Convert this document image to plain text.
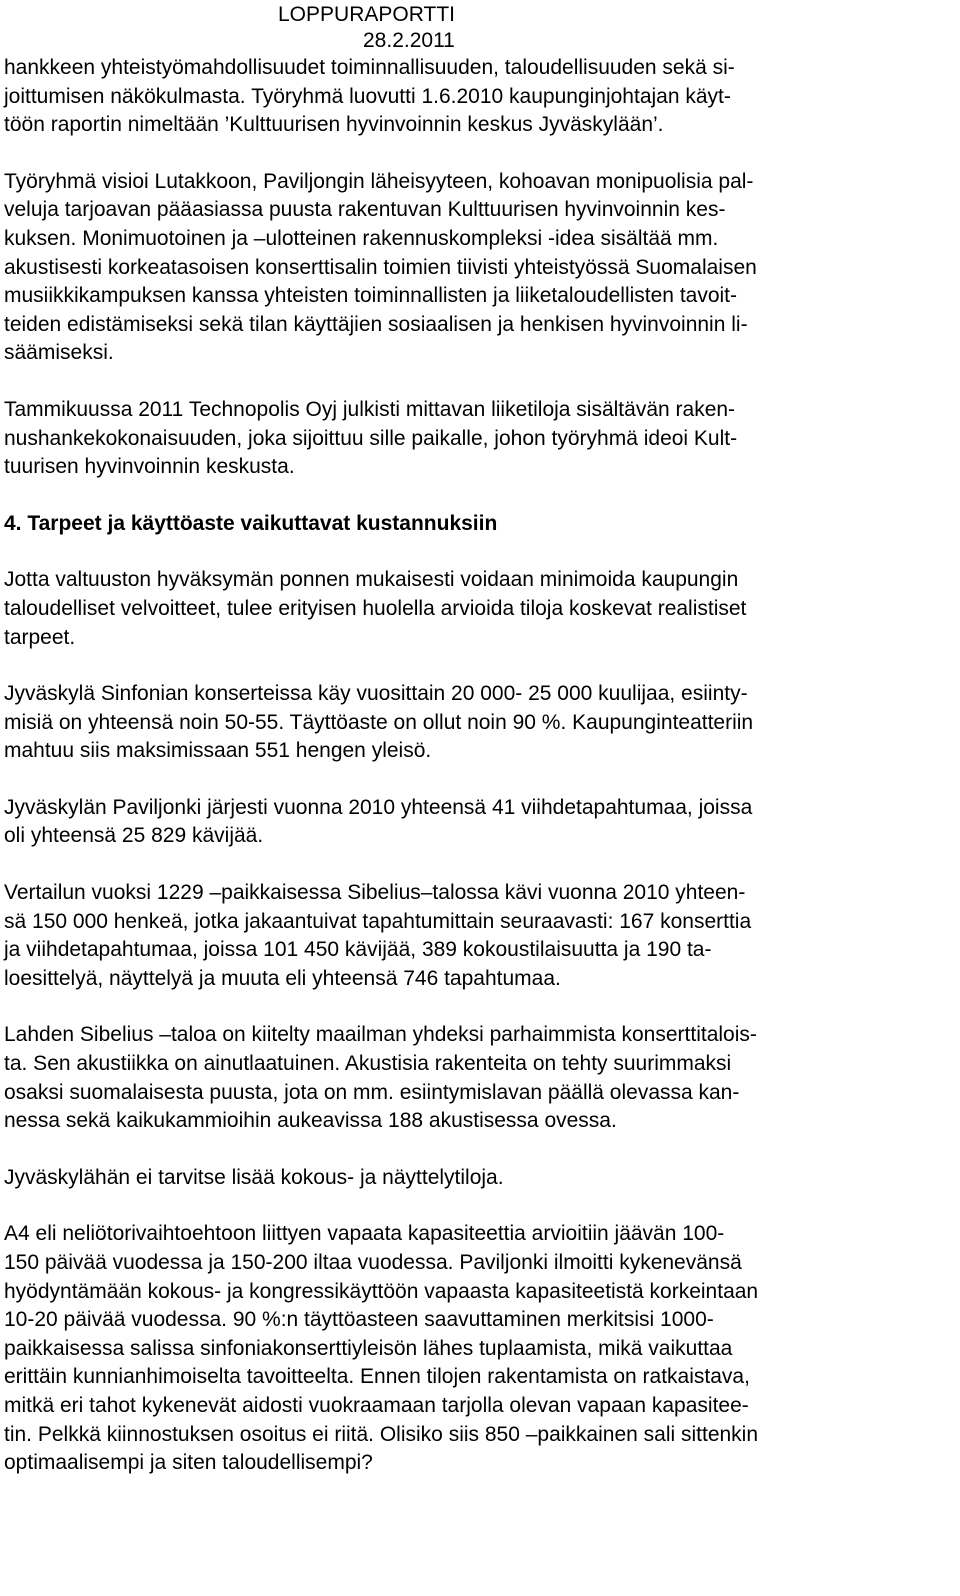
LOPPURAPORTTI
28.2.2011

hankkeen yhteistyömahdollisuudet toiminnallisuuden, taloudellisuuden sekä si-
joittumisen näkökulmasta. Työryhmä luovutti 1.6.2010 kaupunginjohtajan käyt-
töön raportin nimeltään ’Kulttuurisen hyvinvoinnin keskus Jyväskylään’.

Työryhmä visioi Lutakkoon, Paviljongin läheisyyteen, kohoavan monipuolisia pal-
veluja tarjoavan pääasiassa puusta rakentuvan Kulttuurisen hyvinvoinnin kes-
kuksen. Monimuotoinen ja –ulotteinen rakennuskompleksi -idea sisältää mm.
akustisesti korkeatasoisen konserttisalin toimien tiivisti yhteistyössä Suomalaisen
musiikkikampuksen kanssa yhteisten toiminnallisten ja liiketaloudellisten tavoit-
teiden edistämiseksi sekä tilan käyttäjien sosiaalisen ja henkisen hyvinvoinnin li-
säämiseksi.

Tammikuussa 2011 Technopolis Oyj julkisti mittavan liiketiloja sisältävän raken-
nushankekokonaisuuden, joka sijoittuu sille paikalle, johon työryhmä ideoi Kult-
tuurisen hyvinvoinnin keskusta.

4. Tarpeet ja käyttöaste vaikuttavat kustannuksiin

Jotta valtuuston hyväksymän ponnen mukaisesti voidaan minimoida kaupungin
taloudelliset velvoitteet, tulee erityisen huolella arvioida tiloja koskevat realistiset
tarpeet.

Jyväskylä Sinfonian konserteissa käy vuosittain 20 000- 25 000 kuulijaa, esiinty-
misiä on yhteensä noin 50-55. Täyttöaste on ollut noin 90 %. Kaupunginteatteriin
mahtuu siis maksimissaan 551 hengen yleisö.

Jyväskylän Paviljonki järjesti vuonna 2010 yhteensä 41 viihdetapahtumaa, joissa
oli yhteensä 25 829 kävijää.

Vertailun vuoksi 1229 –paikkaisessa Sibelius–talossa kävi vuonna 2010 yhteen-
sä 150 000 henkeä, jotka jakaantuivat tapahtumittain seuraavasti: 167 konserttia
ja viihdetapahtumaa, joissa 101 450 kävijää, 389 kokoustilaisuutta ja 190 ta-
loesittelyä, näyttelyä ja muuta eli yhteensä 746 tapahtumaa.

Lahden Sibelius –taloa on kiitelty maailman yhdeksi parhaimmista konserttitalois-
ta. Sen akustiikka on ainutlaatuinen. Akustisia rakenteita on tehty suurimmaksi
osaksi suomalaisesta puusta, jota on mm. esiintymislavan päällä olevassa kan-
nessa sekä kaikukammioihin aukeavissa 188 akustisessa ovessa.

Jyväskylähän ei tarvitse lisää kokous- ja näyttelytiloja.

A4 eli neliötorivaihtoehtoon liittyen vapaata kapasiteettia arvioitiin jäävän 100-
150 päivää vuodessa ja 150-200 iltaa vuodessa. Paviljonki ilmoitti kykenevänsä
hyödyntämään kokous- ja kongressikäyttöön vapaasta kapasiteetistä korkeintaan
10-20 päivää vuodessa. 90 %:n täyttöasteen saavuttaminen merkitsisi 1000-
paikkaisessa salissa sinfoniakonserttiyleisön lähes tuplaamista, mikä vaikuttaa
erittäin kunnianhimoiselta tavoitteelta. Ennen tilojen rakentamista on ratkaistava,
mitkä eri tahot kykenevät aidosti vuokraamaan tarjolla olevan vapaan kapasitee-
tin. Pelkkä kiinnostuksen osoitus ei riitä. Olisiko siis 850 –paikkainen sali sittenkin
optimaalisempi ja siten taloudellisempi?
